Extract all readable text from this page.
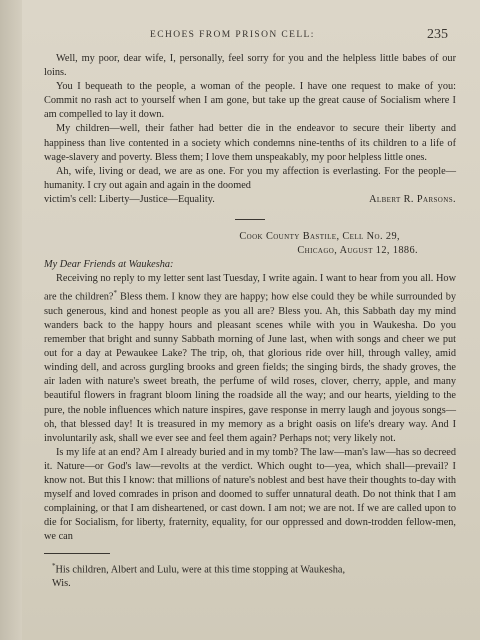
ECHOES FROM PRISON CELL:	235

Well, my poor, dear wife, I, personally, feel sorry for you and the helpless little babes of our loins.

You I bequeath to the people, a woman of the people. I have one request to make of you: Commit no rash act to yourself when I am gone, but take up the great cause of Socialism where I am compelled to lay it down.

My children—well, their father had better die in the endeavor to secure their liberty and happiness than live contented in a society which condemns nine-tenths of its children to a life of wage-slavery and poverty. Bless them; I love them unspeakably, my poor helpless little ones.

Ah, wife, living or dead, we are as one. For you my affection is everlasting. For the people—humanity. I cry out again and again in the doomed

victim's cell: Liberty—Justice—Equality.	Albert R. Parsons.

Cook County Bastile, Cell No. 29,
Chicago, August 12, 1886.

My Dear Friends at Waukesha:

Receiving no reply to my letter sent last Tuesday, I write again. I want to hear from you all. How are the children?* Bless them. I know they are happy; how else could they be while surrounded by such generous, kind and honest people as you all are? Bless you. Ah, this Sabbath day my mind wanders back to the happy hours and pleasant scenes while with you in Waukesha. Do you remember that bright and sunny Sabbath morning of June last, when with songs and cheer we put out for a day at Pewaukee Lake? The trip, oh, that glorious ride over hill, through valley, amid winding dell, and across gurgling brooks and green fields; the singing birds, the shady groves, the air laden with nature's sweet breath, the perfume of wild roses, clover, cherry, apple, and many beautiful flowers in fragrant bloom lining the roadside all the way; and our hearts, yielding to the pure, the noble influences which nature inspires, gave response in merry laugh and joyous songs—oh, that blessed day! It is treasured in my memory as a bright oasis on life's dreary way. And I involuntarily ask, shall we ever see and feel them again? Perhaps not; very likely not.

Is my life at an end? Am I already buried and in my tomb? The law—man's law—has so decreed it. Nature—or God's law—revolts at the verdict. Which ought to—yea, which shall—prevail? I know not. But this I know: that millions of nature's noblest and best have their thoughts to-day with myself and loved comrades in prison and doomed to suffer unnatural death. Do not think that I am complaining, or that I am disheartened, or cast down. I am not; we are not. If we are called upon to die for Socialism, for liberty, fraternity, equality, for our oppressed and down-trodden fellow-men, we can

*His children, Albert and Lulu, were at this time stopping at Waukesha,
Wis.
